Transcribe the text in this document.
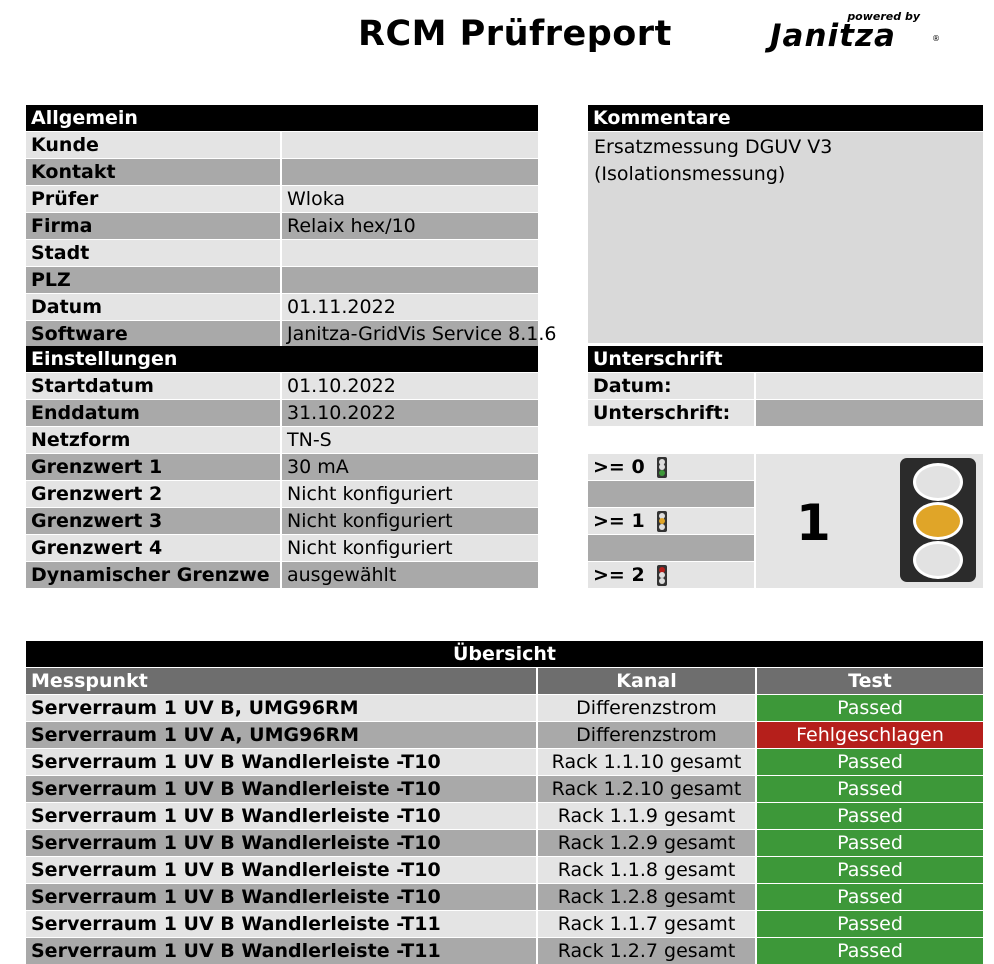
RCM Prüfreport	powered by
Janitza	®
Allgemein
Kunde
Kontakt
Prüfer	Wloka
Firma	Relaix hex/10
Stadt
PLZ
Datum	01.11.2022
Software	Janitza-GridVis Service 8.1.6
Einstellungen
Startdatum	01.10.2022
Enddatum	31.10.2022
Netzform	TN-S
Grenzwert 1	30 mA
Grenzwert 2	Nicht konfiguriert
Grenzwert 3	Nicht konfiguriert
Grenzwert 4	Nicht konfiguriert
Dynamischer Grenzwe ausgewählt
Kommentare
Ersatzmessung DGUV V3
(Isolationsmessung)
Unterschrift
Datum:
Unterschrift:
>= 0
>= 1
>= 2
1
Übersicht
Messpunkt	Kanal	Test
Serverraum 1 UV B, UMG96RM	Differenzstrom	Passed
Serverraum 1 UV A, UMG96RM	Differenzstrom	Fehlgeschlagen
Serverraum 1 UV B Wandlerleiste -T10	Rack 1.1.10 gesamt	Passed
Serverraum 1 UV B Wandlerleiste -T10	Rack 1.2.10 gesamt	Passed
Serverraum 1 UV B Wandlerleiste -T10	Rack 1.1.9 gesamt	Passed
Serverraum 1 UV B Wandlerleiste -T10	Rack 1.2.9 gesamt	Passed
Serverraum 1 UV B Wandlerleiste -T10	Rack 1.1.8 gesamt	Passed
Serverraum 1 UV B Wandlerleiste -T10	Rack 1.2.8 gesamt	Passed
Serverraum 1 UV B Wandlerleiste -T11	Rack 1.1.7 gesamt	Passed
Serverraum 1 UV B Wandlerleiste -T11	Rack 1.2.7 gesamt	Passed
